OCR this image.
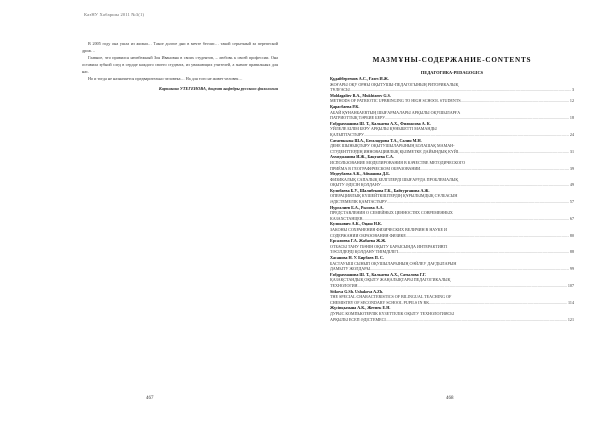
КазНУ Хабаршы 2011 №3(1)

В 2005 году она ушла из жизни… Такое долгое дни в мечте бесчис… такой серьезный за перепеской дрож…

Главное, что привился неизбежный Зоя Ивановна в своих студентов, – любовь к своей профессии. Она оставила зубной след в сердце каждого своего студента, из уважающих учителей, а значит правильных для нас.

Но и тогда не назначается предварительно человека… На для того не живет человек…

Карпакова УТЕГЕНОВА, доцент кафедры русского филологии
467
МАЗМҰНЫ-СОДЕРЖАНИЕ-CONTENTS
ПЕДАГОГИКА-PEDAGOGICS
Құдайбергенов А.С., Ғазез И.Ж.
ЖОҒАРЫ ОҚУ ОРНЫ ОҚЫТУШЫ-ПЕДАГОГЫНЫҢ РИТОРИКАЛЫҚ
ТҰЛҒАСЫ .....	3
Moldagaliev B.A., Mukhtarov G.S.
METHODS OF PATRIOTIC UPBRINGING TO HIGH SCHOOL STUDENTS .....	12
Қарасбаева Р.К.
АБАЙ ҚҰНАНБАЕВТЫҢ ШЫҒАРМАЛАРЫ АРҚЫЛЫ ОҚУШЫЛАРҒА
ПАТРИОТТЫҚ ТӘРБИЕ БЕРУ .....	18
Ғабдрахманова Ш. Т., Калкаева А.Х., Филиасова А. К.
УЙЛЕЛЕ БІЛІМ БЕРУ АРҚЫЛЫ ҚҰНЫБЕТТІ МАМАНДЫ
ҚАЛЫПТАСТЫРУ .....	24
Сатаевкызы Ш.А., Бегалаурова Т.А., Салин М.Н.
ДЕНЕ ШЫНЫҚТЫРУ ОҚЫТУШЫЛАРЫНЫҢ БОЛАШАҚ МАМАН-
СТУДЕНТТЕРДІҢ ИННОВАЦИЯЛЫҚ ҚЫЗМЕТКЕ ДАЙЫНДЫҚ КҮЙІ .....	31
Ахмеджанова И.Ж., Бақтаева С.А.
ИСПОЛЬЗОВАНИЕ МОДЕЛИРОВАНИЯ В КАЧЕСТВЕ МЕТОДИЧЕСКОГО
ПРИЁМА В ГЕОГРАФИЧЕСКОМ ОБРАЗОВАНИИ .....	39
Медеубаева А.К., Айманова Д.Б.
ФИЗИКАЛЫҚ САПАЛЫҚ БЕЛГІЛЕРДІ ШЫҒАРУДА ПРОБЛЕМАЛЫҚ
ОҚЫТУ ӘДІСІН ҚОЛДАНУ .....	49
Кулибаева Б.У., Шалибекова Г.К., Байтурганова А.Ж.
ОПЕРАЦИЯЛЫҚ КҮШЕЙТКІШТЕРДІҢ ҚҰРЫЛЫМДЫҚ СҰЛБАСЫН
ӘДІСТЕМЕЛІК ҚАМТАСТЫРУ .....	57
Нургалиев Б.А., Рысова А.А.
ПРЕДСТАВЛЕНИЯ О СЕМЕЙНЫХ ЦЕННОСТЯХ СОВРЕМЕННЫХ
КАЗАХСТАНЦЕВ .....	67
Куликович А.К., Оцаш Н.К.
ЗАКОНЫ СОХРАНЕНИЯ ФИЗИЧЕСКИХ ВЕЛИЧИН В НАУКЕ И
СОДЕРЖАНИИ ОБРАЗОВАНИЯ ФИЗИКЕ .....	80
Ерсалиева Г.А. Жабаева Ж.Ж.
ОТБАСЫ ТАНУ ПӘНІН ОҚЫТУ БАРЫСЫНДА ИНТЕРАКТИВТІ
ТӘСІЛДЕРДІ ҚОЛДАНУ ТИІМДІЛІГІ .....	88
Хасанова Н. У. Бирбаев П. С.
БАСТАУЫШ СЫНЫП ОҚУШЫЛАРЫНЫҢ СӨЙЛЕУ ДАҒДЫЛАРЫН
ДАМЫТУ ЖОЛДАРЫ .....	99
Ғабдрахманова Ш. Т., Калкаева А.Х., Сатылова Г.Г.
ҚАЗАҚСТАНДЫҚ ОҚЫТУ ЖАҢАЛЫҚТАРЫ ПЕДАГОГИКАЛЫҚ
ТЕХНОЛОГИЯ .....	107
Sitkova G.Sh. Ushakova A.Zh.
THE SPECIAL CHARACTERISTICS OF BILINGUAL TEACHING OF
CHEMISTRY OF SECONDARY SCHOOL PUPILS IN RK .....	114
Жүсіпқызына А.К., Жетпек Е.Н.
ДУРЫС КОМПЬЮТЕРЛІК КҮЗЕТТЕЛІК ОҚЫТУ ТЕХНОЛОГИЯСЫ
АРҚЫЛЫ ЕСЕП ӘДІСТЕМЕСІ .....	121
468
